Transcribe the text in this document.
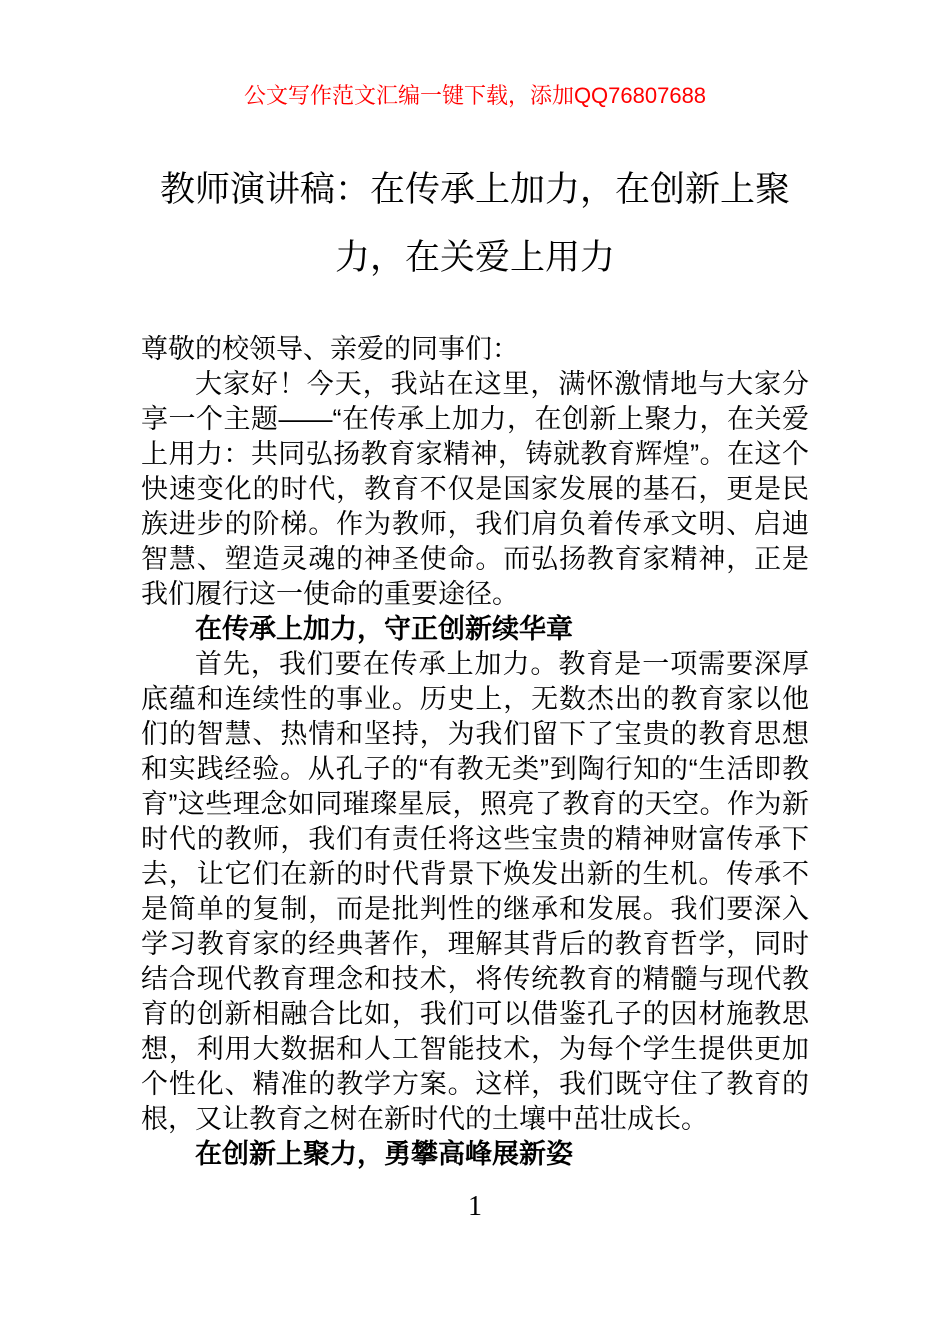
公文写作范文汇编一键下载，添加QQ76807688
教师演讲稿：在传承上加力，在创新上聚力，在关爱上用力

尊敬的校领导、亲爱的同事们：

大家好！今天，我站在这里，满怀激情地与大家分享一个主题——“在传承上加力，在创新上聚力，在关爱上用力：共同弘扬教育家精神，铸就教育辉煌”。在这个快速变化的时代，教育不仅是国家发展的基石，更是民族进步的阶梯。作为教师，我们肩负着传承文明、启迪智慧、塑造灵魂的神圣使命。而弘扬教育家精神，正是我们履行这一使命的重要途径。

在传承上加力，守正创新续华章

首先，我们要在传承上加力。教育是一项需要深厚底蕴和连续性的事业。历史上，无数杰出的教育家以他们的智慧、热情和坚持，为我们留下了宝贵的教育思想和实践经验。从孔子的“有教无类”到陶行知的“生活即教育”这些理念如同璀璨星辰，照亮了教育的天空。作为新时代的教师，我们有责任将这些宝贵的精神财富传承下去，让它们在新的时代背景下焕发出新的生机。传承不是简单的复制，而是批判性的继承和发展。我们要深入学习教育家的经典著作，理解其背后的教育哲学，同时结合现代教育理念和技术，将传统教育的精髓与现代教育的创新相融合比如，我们可以借鉴孔子的因材施教思想，利用大数据和人工智能技术，为每个学生提供更加个性化、精准的教学方案。这样，我们既守住了教育的根，又让教育之树在新时代的土壤中茁壮成长。

在创新上聚力，勇攀高峰展新姿

1
